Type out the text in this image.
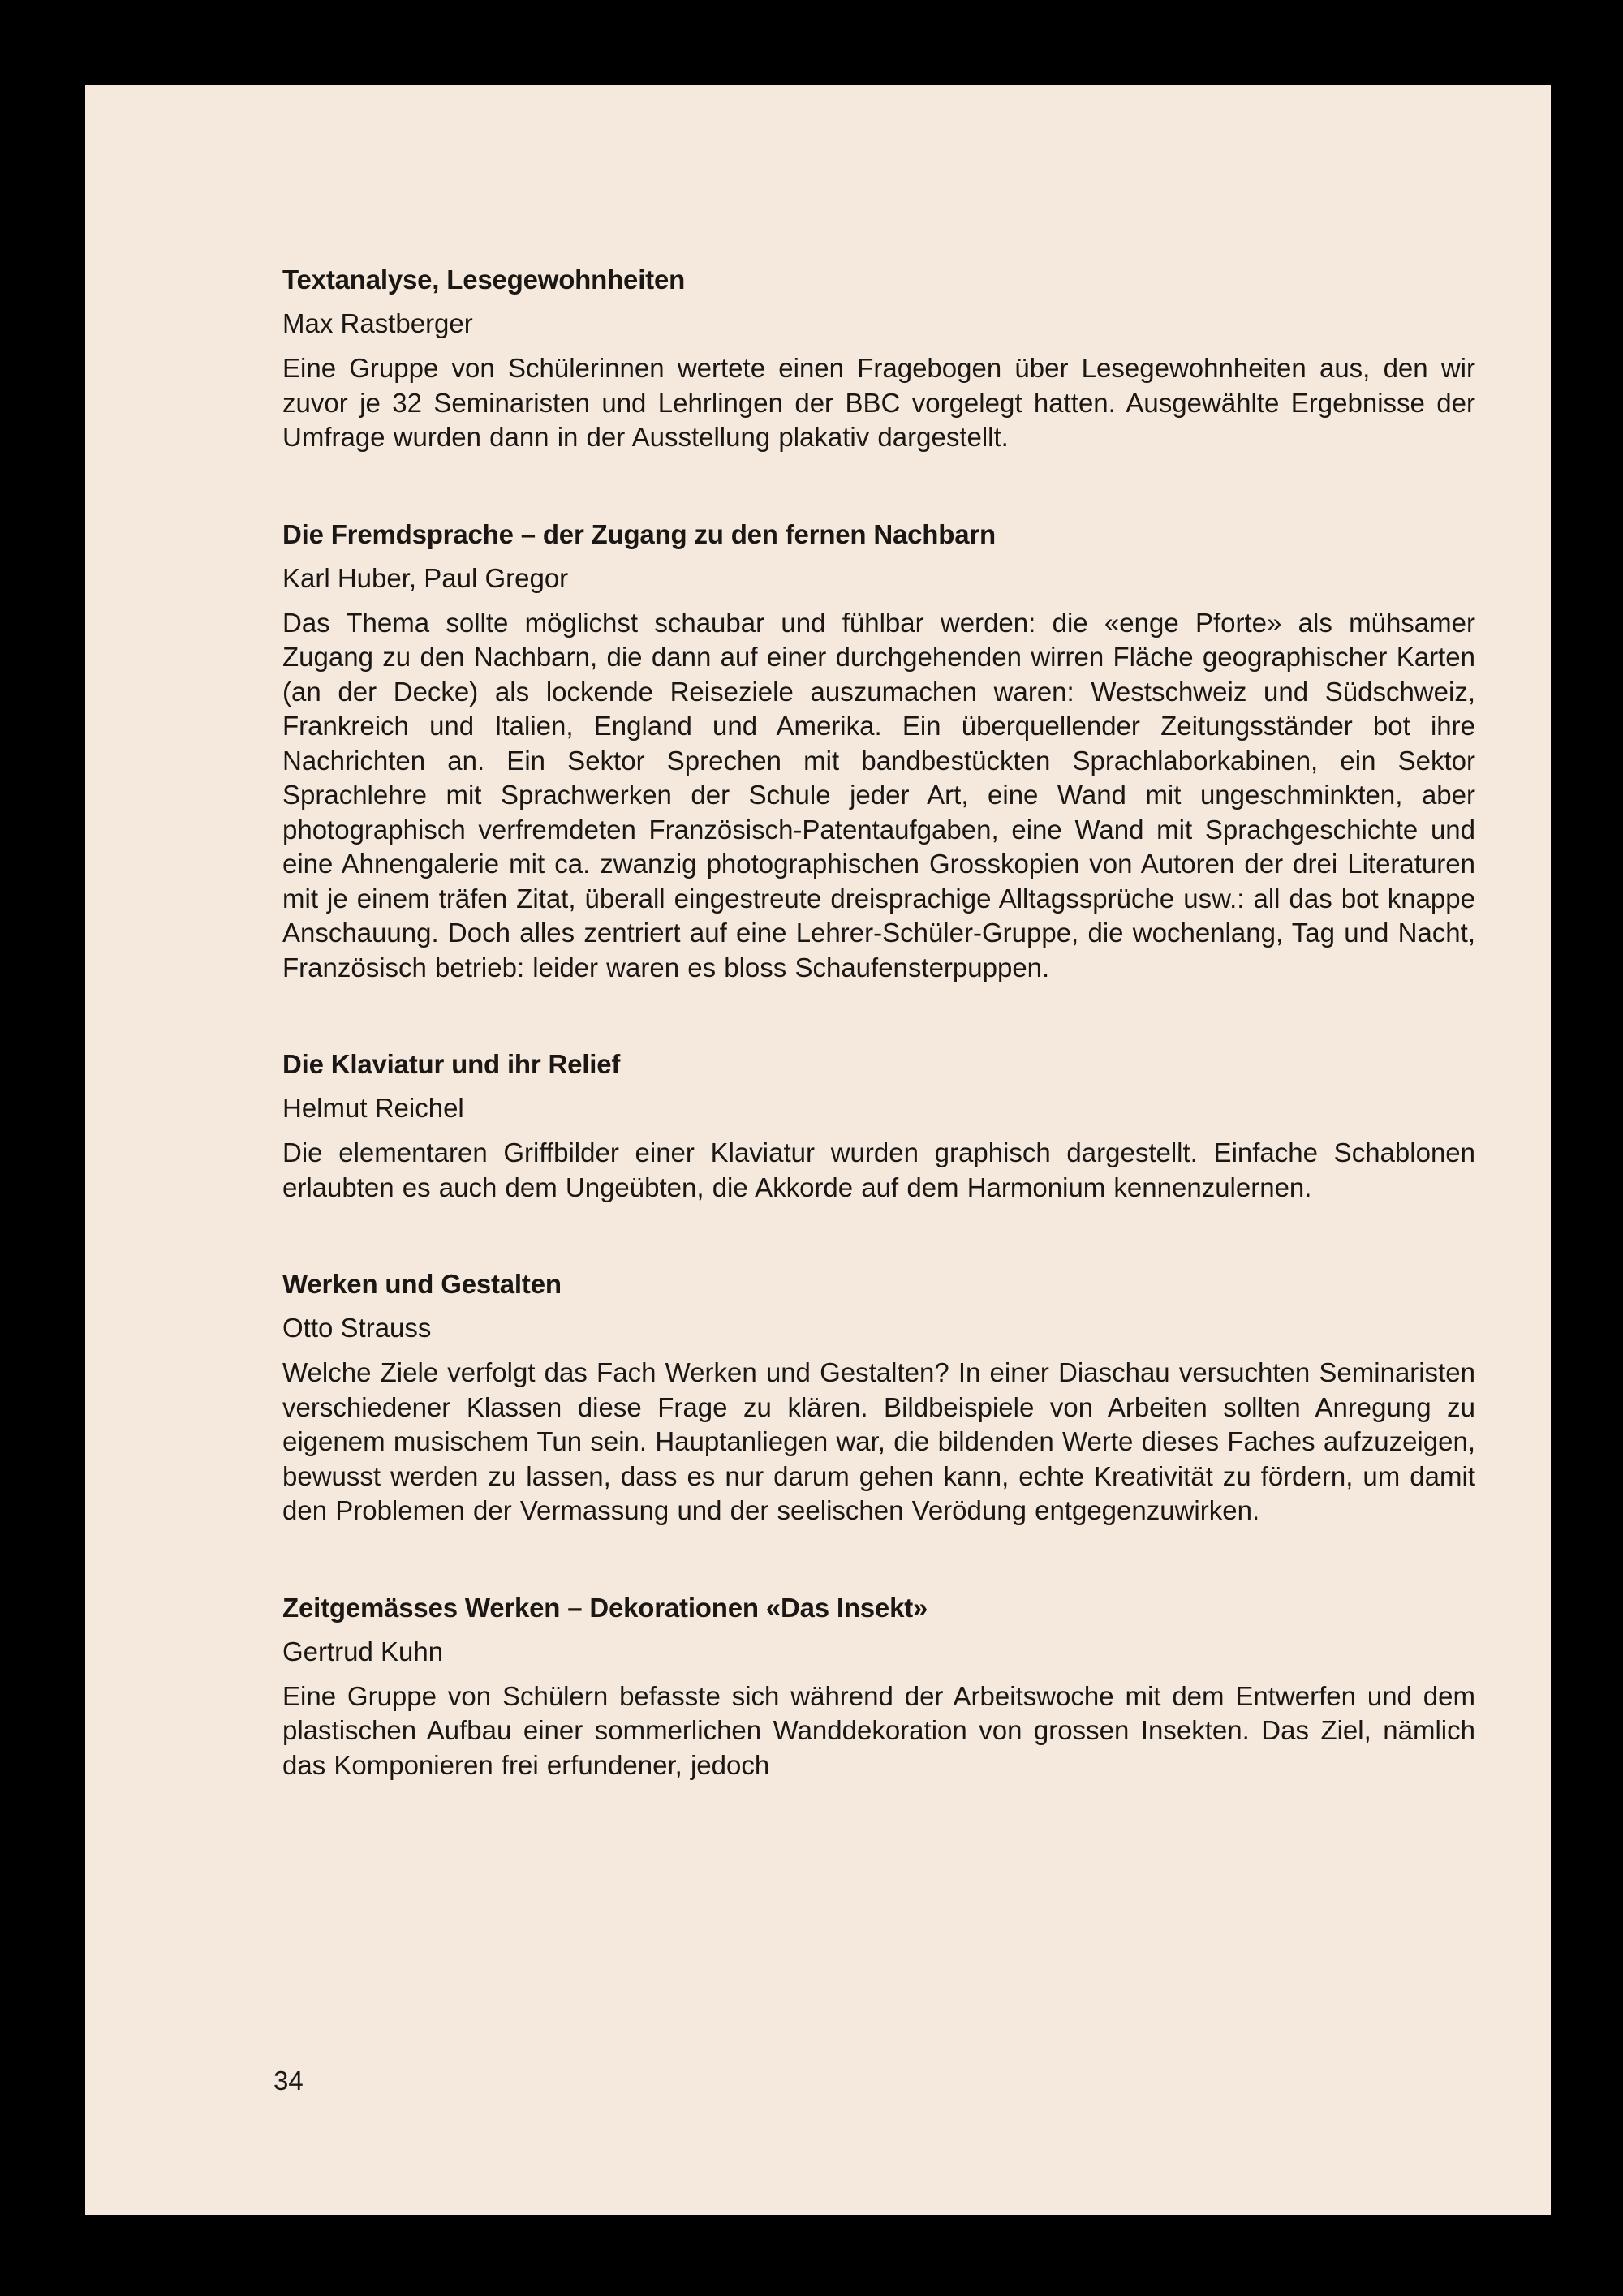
Textanalyse, Lesegewohnheiten
Max Rastberger

Eine Gruppe von Schülerinnen wertete einen Fragebogen über Lesegewohnheiten aus, den wir zuvor je 32 Seminaristen und Lehrlingen der BBC vorgelegt hatten. Ausgewählte Ergebnisse der Umfrage wurden dann in der Ausstellung plakativ dargestellt.

Die Fremdsprache – der Zugang zu den fernen Nachbarn
Karl Huber, Paul Gregor

Das Thema sollte möglichst schaubar und fühlbar werden: die «enge Pforte» als mühsamer Zugang zu den Nachbarn, die dann auf einer durchgehenden wirren Fläche geographischer Karten (an der Decke) als lockende Reiseziele auszumachen waren: Westschweiz und Südschweiz, Frankreich und Italien, England und Amerika. Ein überquellender Zeitungsständer bot ihre Nachrichten an. Ein Sektor Sprechen mit bandbestückten Sprachlaborkabinen, ein Sektor Sprachlehre mit Sprachwerken der Schule jeder Art, eine Wand mit ungeschminkten, aber photographisch verfremdeten Französisch-Patentaufgaben, eine Wand mit Sprachgeschichte und eine Ahnengalerie mit ca. zwanzig photographischen Grosskopien von Autoren der drei Literaturen mit je einem träfen Zitat, überall eingestreute dreisprachige Alltagssprüche usw.: all das bot knappe Anschauung. Doch alles zentriert auf eine Lehrer-Schüler-Gruppe, die wochenlang, Tag und Nacht, Französisch betrieb: leider waren es bloss Schaufensterpuppen.

Die Klaviatur und ihr Relief
Helmut Reichel

Die elementaren Griffbilder einer Klaviatur wurden graphisch dargestellt. Einfache Schablonen erlaubten es auch dem Ungeübten, die Akkorde auf dem Harmonium kennenzulernen.

Werken und Gestalten
Otto Strauss

Welche Ziele verfolgt das Fach Werken und Gestalten? In einer Diaschau versuchten Seminaristen verschiedener Klassen diese Frage zu klären. Bildbeispiele von Arbeiten sollten Anregung zu eigenem musischem Tun sein. Hauptanliegen war, die bildenden Werte dieses Faches aufzuzeigen, bewusst werden zu lassen, dass es nur darum gehen kann, echte Kreativität zu fördern, um damit den Problemen der Vermassung und der seelischen Verödung entgegenzuwirken.

Zeitgemässes Werken – Dekorationen «Das Insekt»
Gertrud Kuhn

Eine Gruppe von Schülern befasste sich während der Arbeitswoche mit dem Entwerfen und dem plastischen Aufbau einer sommerlichen Wanddekoration von grossen Insekten. Das Ziel, nämlich das Komponieren frei erfundener, jedoch

34
